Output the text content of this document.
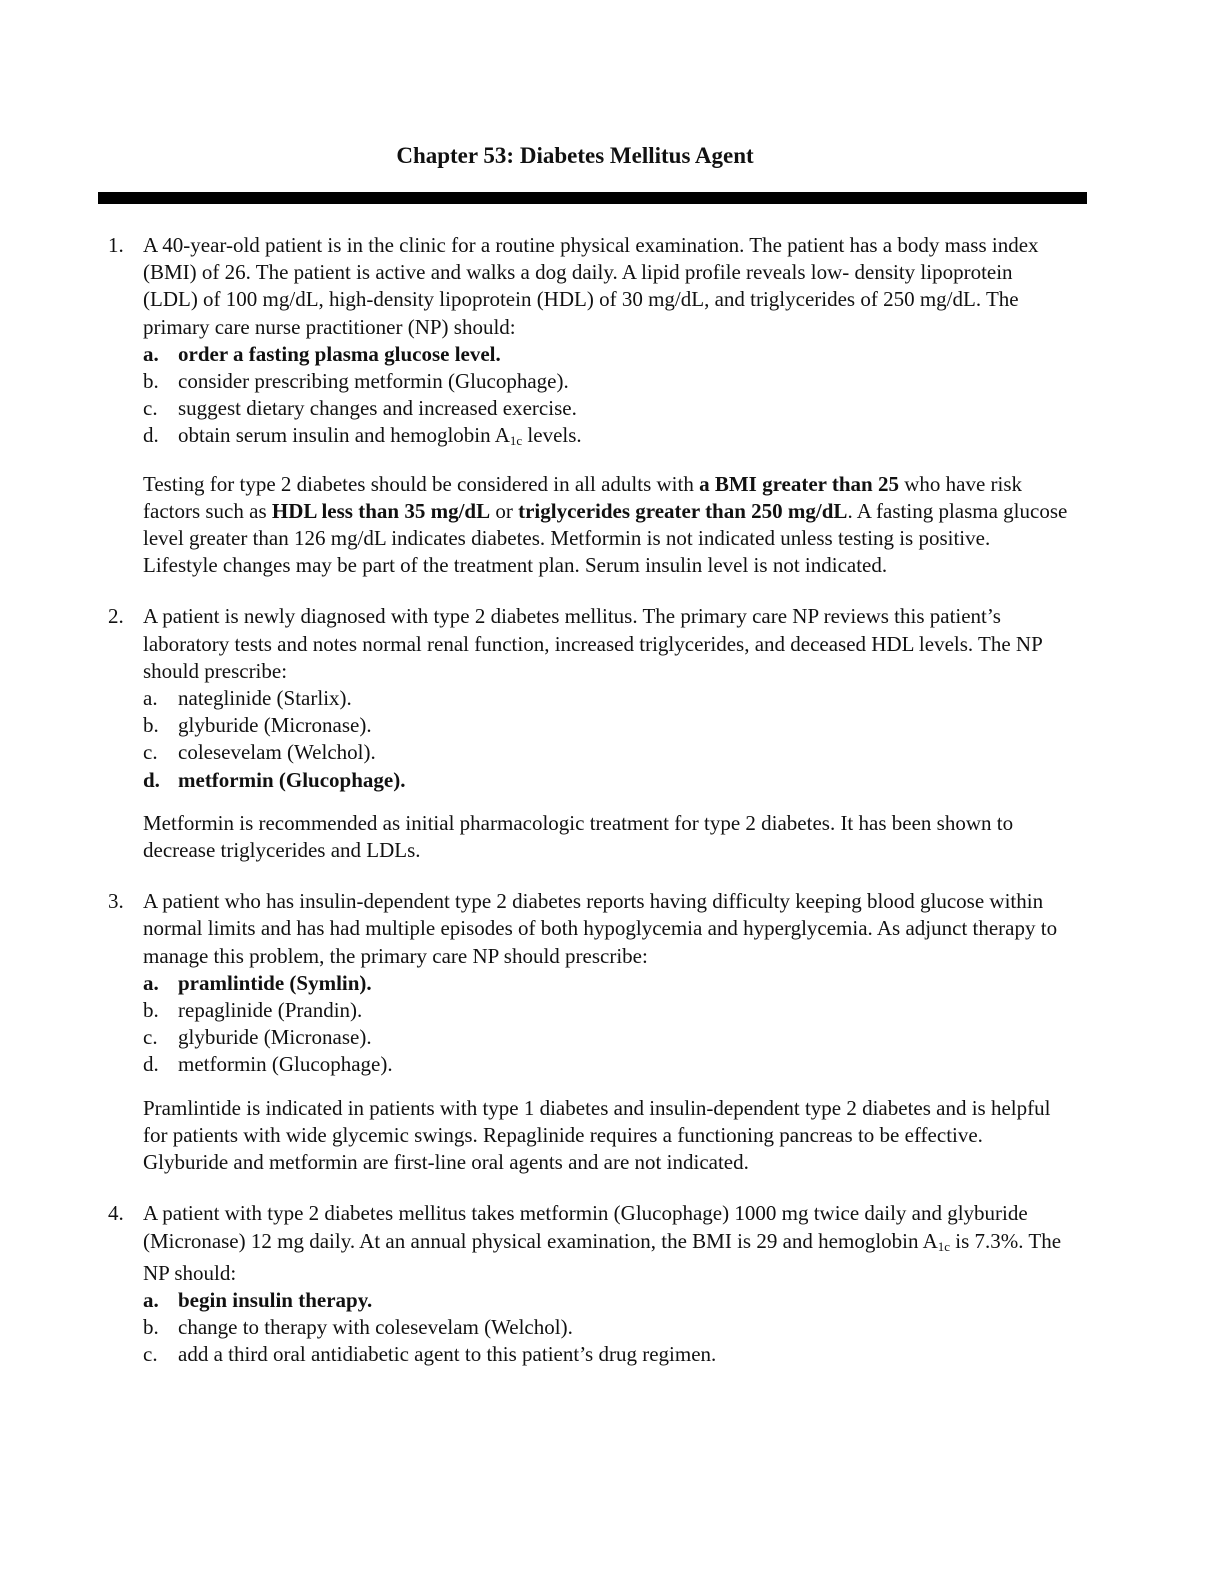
Chapter 53: Diabetes Mellitus Agent
1. A 40-year-old patient is in the clinic for a routine physical examination. The patient has a body mass index (BMI) of 26. The patient is active and walks a dog daily. A lipid profile reveals low- density lipoprotein (LDL) of 100 mg/dL, high-density lipoprotein (HDL) of 30 mg/dL, and triglycerides of 250 mg/dL. The primary care nurse practitioner (NP) should:
a. order a fasting plasma glucose level.
b. consider prescribing metformin (Glucophage).
c. suggest dietary changes and increased exercise.
d. obtain serum insulin and hemoglobin $A_{1c}$ levels.
Testing for type 2 diabetes should be considered in all adults with a BMI greater than 25 who have risk factors such as HDL less than 35 mg/dL or triglycerides greater than 250 mg/dL. A fasting plasma glucose level greater than 126 mg/dL indicates diabetes. Metformin is not indicated unless testing is positive. Lifestyle changes may be part of the treatment plan. Serum insulin level is not indicated.
2. A patient is newly diagnosed with type 2 diabetes mellitus. The primary care NP reviews this patient’s laboratory tests and notes normal renal function, increased triglycerides, and deceased HDL levels. The NP should prescribe:
a. nateglinide (Starlix).
b. glyburide (Micronase).
c. colesevelam (Welchol).
d. metformin (Glucophage).
Metformin is recommended as initial pharmacologic treatment for type 2 diabetes. It has been shown to decrease triglycerides and LDLs.
3. A patient who has insulin-dependent type 2 diabetes reports having difficulty keeping blood glucose within normal limits and has had multiple episodes of both hypoglycemia and hyperglycemia. As adjunct therapy to manage this problem, the primary care NP should prescribe:
a. pramlintide (Symlin).
b. repaglinide (Prandin).
c. glyburide (Micronase).
d. metformin (Glucophage).
Pramlintide is indicated in patients with type 1 diabetes and insulin-dependent type 2 diabetes and is helpful for patients with wide glycemic swings. Repaglinide requires a functioning pancreas to be effective. Glyburide and metformin are first-line oral agents and are not indicated.
4. A patient with type 2 diabetes mellitus takes metformin (Glucophage) 1000 mg twice daily and glyburide (Micronase) 12 mg daily. At an annual physical examination, the BMI is 29 and hemoglobin $A_{1c}$ is 7.3%. The NP should:
a. begin insulin therapy.
b. change to therapy with colesevelam (Welchol).
c. add a third oral antidiabetic agent to this patient’s drug regimen.
